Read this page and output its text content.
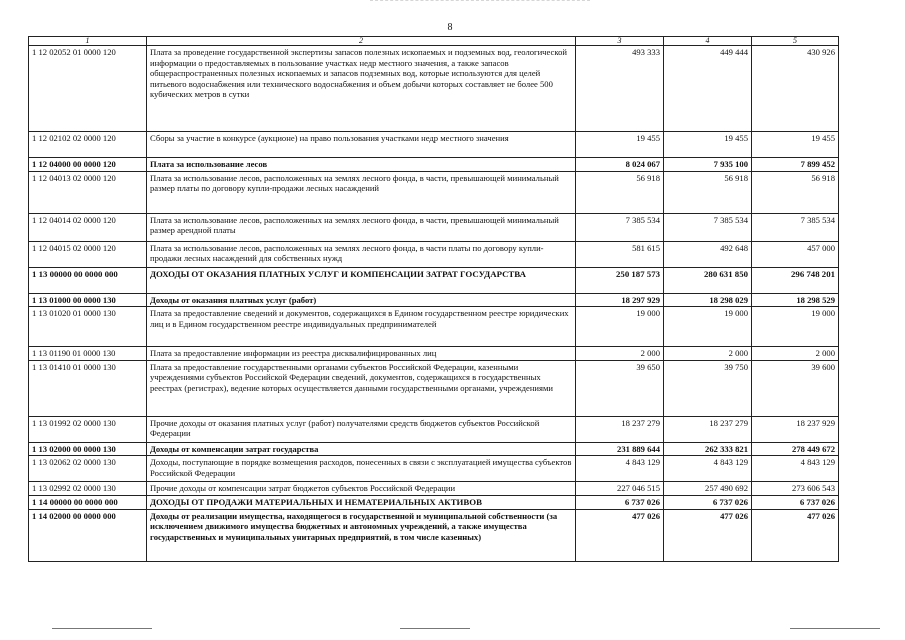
8
1	2	3	4	5
1 12 02052 01 0000 120	Плата за проведение государственной экспертизы запасов полезных ископаемых и подземных вод, геологической информации о предоставляемых в пользование участках недр местного значения, а также запасов общераспространенных полезных ископаемых и запасов подземных вод, которые используются для целей питьевого водоснабжения или технического водоснабжения и объем добычи которых составляет не более 500 кубических метров в сутки	493 333	449 444	430 926
1 12 02102 02 0000 120	Сборы за участие в конкурсе (аукционе) на право пользования участками недр местного значения	19 455	19 455	19 455
1 12 04000 00 0000 120	Плата за использование лесов	8 024 067	7 935 100	7 899 452
1 12 04013 02 0000 120	Плата за использование лесов, расположенных на землях лесного фонда, в части, превышающей минимальный размер платы по договору купли-продажи лесных насаждений	56 918	56 918	56 918
1 12 04014 02 0000 120	Плата за использование лесов, расположенных на землях лесного фонда, в части, превышающей минимальный размер арендной платы	7 385 534	7 385 534	7 385 534
1 12 04015 02 0000 120	Плата за использование лесов, расположенных на землях лесного фонда, в части платы по договору купли-продажи лесных насаждений для собственных нужд	581 615	492 648	457 000
1 13 00000 00 0000 000	ДОХОДЫ ОТ ОКАЗАНИЯ ПЛАТНЫХ УСЛУГ И КОМПЕНСАЦИИ ЗАТРАТ ГОСУДАРСТВА	250 187 573	280 631 850	296 748 201
1 13 01000 00 0000 130	Доходы от оказания платных услуг (работ)	18 297 929	18 298 029	18 298 529
1 13 01020 01 0000 130	Плата за предоставление сведений и документов, содержащихся в Едином государственном реестре юридических лиц и в Едином государственном реестре индивидуальных предпринимателей	19 000	19 000	19 000
1 13 01190 01 0000 130	Плата за предоставление информации из реестра дисквалифицированных лиц	2 000	2 000	2 000
1 13 01410 01 0000 130	Плата за предоставление государственными органами субъектов Российской Федерации, казенными учреждениями субъектов Российской Федерации сведений, документов, содержащихся в государственных реестрах (регистрах), ведение которых осуществляется данными государственными органами, учреждениями	39 650	39 750	39 600
1 13 01992 02 0000 130	Прочие доходы от оказания платных услуг (работ) получателями средств бюджетов субъектов Российской Федерации	18 237 279	18 237 279	18 237 929
1 13 02000 00 0000 130	Доходы от компенсации затрат государства	231 889 644	262 333 821	278 449 672
1 13 02062 02 0000 130	Доходы, поступающие в порядке возмещения расходов, понесенных в связи с эксплуатацией имущества субъектов Российской Федерации	4 843 129	4 843 129	4 843 129
1 13 02992 02 0000 130	Прочие доходы от компенсации затрат бюджетов субъектов Российской Федерации	227 046 515	257 490 692	273 606 543
1 14 00000 00 0000 000	ДОХОДЫ ОТ ПРОДАЖИ МАТЕРИАЛЬНЫХ И НЕМАТЕРИАЛЬНЫХ АКТИВОВ	6 737 026	6 737 026	6 737 026
1 14 02000 00 0000 000	Доходы от реализации имущества, находящегося в государственной и муниципальной собственности (за исключением движимого имущества бюджетных и автономных учреждений, а также имущества государственных и муниципальных унитарных предприятий, в том числе казенных)	477 026	477 026	477 026
